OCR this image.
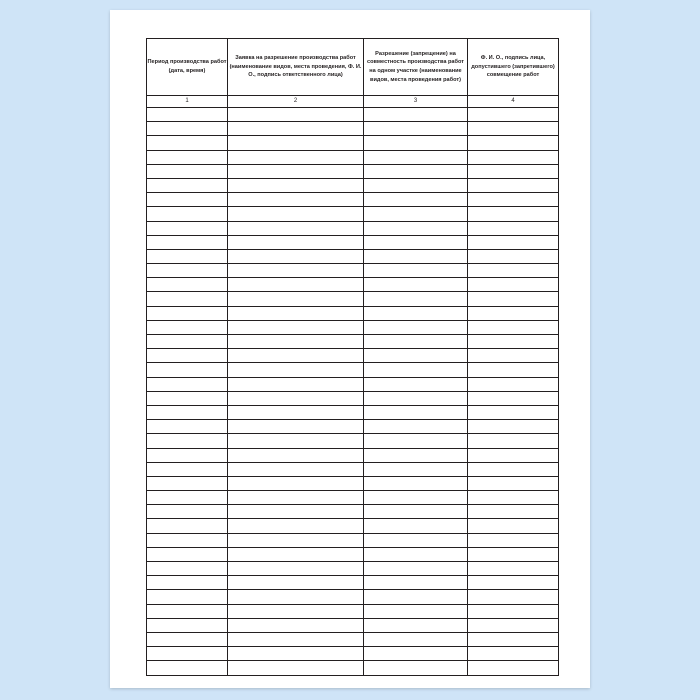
Период производства работ (дата, время)	Заявка на разрешение производства работ (наименование видов, места проведения, Ф. И. О., подпись ответственного лица)	Разрешение (запрещение) на совместность производства работ на одном участке (наименование видов, места проведения работ)	Ф. И. О., подпись лица, допустившего (запретившего) совмещение работ
1	2	3	4
